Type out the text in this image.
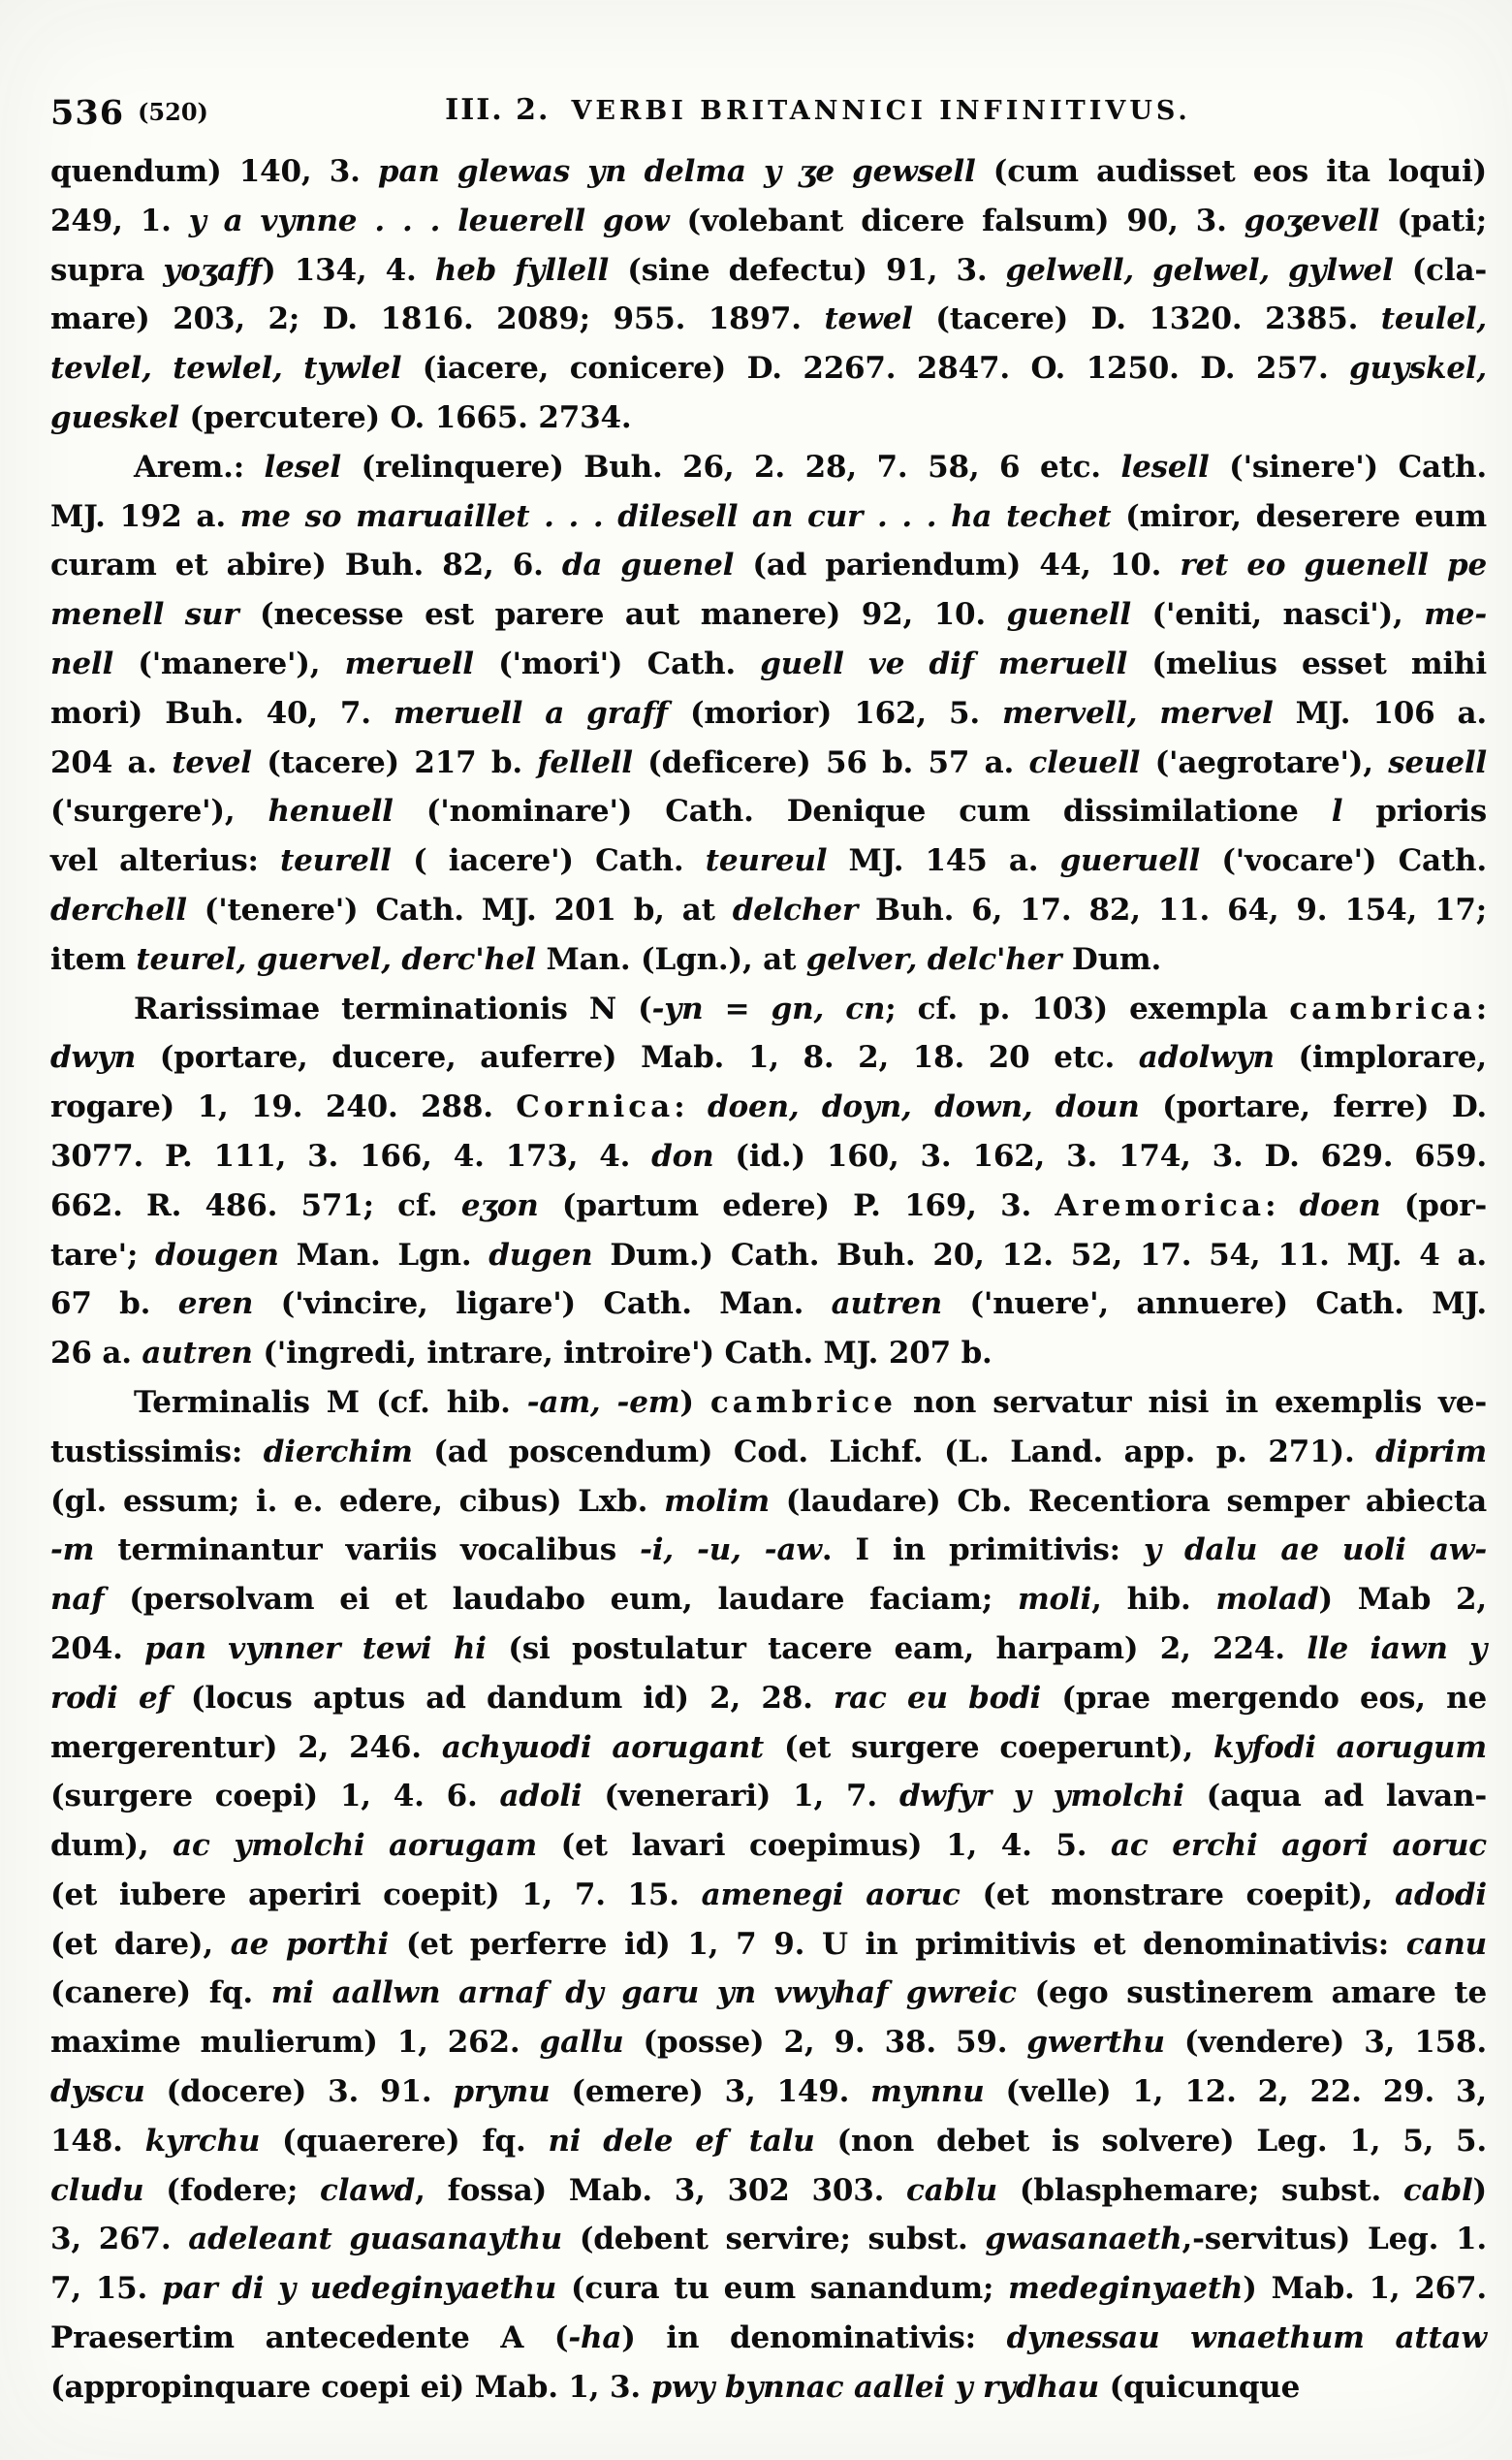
536 (520)	III. 2. VERBI BRITANNICI INFINITIVUS.
quendum) 140, 3. pan glewas yn delma y ʒe gewsell (cum audisset eos ita loqui)
249, 1. y a vynne . . . leuerell gow (volebant dicere falsum) 90, 3. goʒevell (pati;
supra yoʒaff) 134, 4. heb fyllell (sine defectu) 91, 3. gelwell, gelwel, gylwel (cla-
mare) 203, 2; D. 1816. 2089; 955. 1897. tewel (tacere) D. 1320. 2385. teulel,
tevlel, tewlel, tywlel (iacere, conicere) D. 2267. 2847. O. 1250. D. 257. guyskel,
gueskel (percutere) O. 1665. 2734.
Arem.: lesel (relinquere) Buh. 26, 2. 28, 7. 58, 6 etc. lesell ('sinere') Cath.
MJ. 192 a. me so maruaillet . . . dilesell an cur . . . ha techet (miror, deserere eum
curam et abire) Buh. 82, 6. da guenel (ad pariendum) 44, 10. ret eo guenell pe
menell sur (necesse est parere aut manere) 92, 10. guenell ('eniti, nasci'), me-
nell ('manere'), meruell ('mori') Cath. guell ve dif meruell (melius esset mihi
mori) Buh. 40, 7. meruell a graff (morior) 162, 5. mervell, mervel MJ. 106 a.
204 a. tevel (tacere) 217 b. fellell (deficere) 56 b. 57 a. cleuell ('aegrotare'), seuell
('surgere'), henuell ('nominare') Cath. Denique cum dissimilatione l prioris
vel alterius: teurell ( iacere') Cath. teureul MJ. 145 a. gueruell ('vocare') Cath.
derchell ('tenere') Cath. MJ. 201 b, at delcher Buh. 6, 17. 82, 11. 64, 9. 154, 17;
item teurel, guervel, derc'hel Man. (Lgn.), at gelver, delc'her Dum.
Rarissimae terminationis N (-yn = gn, cn; cf. p. 103) exempla cambrica:
dwyn (portare, ducere, auferre) Mab. 1, 8. 2, 18. 20 etc. adolwyn (implorare,
rogare) 1, 19. 240. 288. Cornica: doen, doyn, down, doun (portare, ferre) D.
3077. P. 111, 3. 166, 4. 173, 4. don (id.) 160, 3. 162, 3. 174, 3. D. 629. 659.
662. R. 486. 571; cf. eʒon (partum edere) P. 169, 3. Aremorica: doen (por-
tare'; dougen Man. Lgn. dugen Dum.) Cath. Buh. 20, 12. 52, 17. 54, 11. MJ. 4 a.
67 b. eren ('vincire, ligare') Cath. Man. autren ('nuere', annuere) Cath. MJ.
26 a. autren ('ingredi, intrare, introire') Cath. MJ. 207 b.
Terminalis M (cf. hib. -am, -em) cambrice non servatur nisi in exemplis ve-
tustissimis: dierchim (ad poscendum) Cod. Lichf. (L. Land. app. p. 271). diprim
(gl. essum; i. e. edere, cibus) Lxb. molim (laudare) Cb. Recentiora semper abiecta
-m terminantur variis vocalibus -i, -u, -aw. I in primitivis: y dalu ae uoli aw-
naf (persolvam ei et laudabo eum, laudare faciam; moli, hib. molad) Mab 2,
204. pan vynner tewi hi (si postulatur tacere eam, harpam) 2, 224. lle iawn y
rodi ef (locus aptus ad dandum id) 2, 28. rac eu bodi (prae mergendo eos, ne
mergerentur) 2, 246. achyuodi aorugant (et surgere coeperunt), kyfodi aorugum
(surgere coepi) 1, 4. 6. adoli (venerari) 1, 7. dwfyr y ymolchi (aqua ad lavan-
dum), ac ymolchi aorugam (et lavari coepimus) 1, 4. 5. ac erchi agori aoruc
(et iubere aperiri coepit) 1, 7. 15. amenegi aoruc (et monstrare coepit), adodi
(et dare), ae porthi (et perferre id) 1, 7 9. U in primitivis et denominativis: canu
(canere) fq. mi aallwn arnaf dy garu yn vwyhaf gwreic (ego sustinerem amare te
maxime mulierum) 1, 262. gallu (posse) 2, 9. 38. 59. gwerthu (vendere) 3, 158.
dyscu (docere) 3. 91. prynu (emere) 3, 149. mynnu (velle) 1, 12. 2, 22. 29. 3,
148. kyrchu (quaerere) fq. ni dele ef talu (non debet is solvere) Leg. 1, 5, 5.
cludu (fodere; clawd, fossa) Mab. 3, 302 303. cablu (blasphemare; subst. cabl)
3, 267. adeleant guasanaythu (debent servire; subst. gwasanaeth,-servitus) Leg. 1.
7, 15. par di y uedeginyaethu (cura tu eum sanandum; medeginyaeth) Mab. 1, 267.
Praesertim antecedente A (-ha) in denominativis: dynessau wnaethum attaw
(appropinquare coepi ei) Mab. 1, 3. pwy bynnac aallei y rydhau (quicunque
